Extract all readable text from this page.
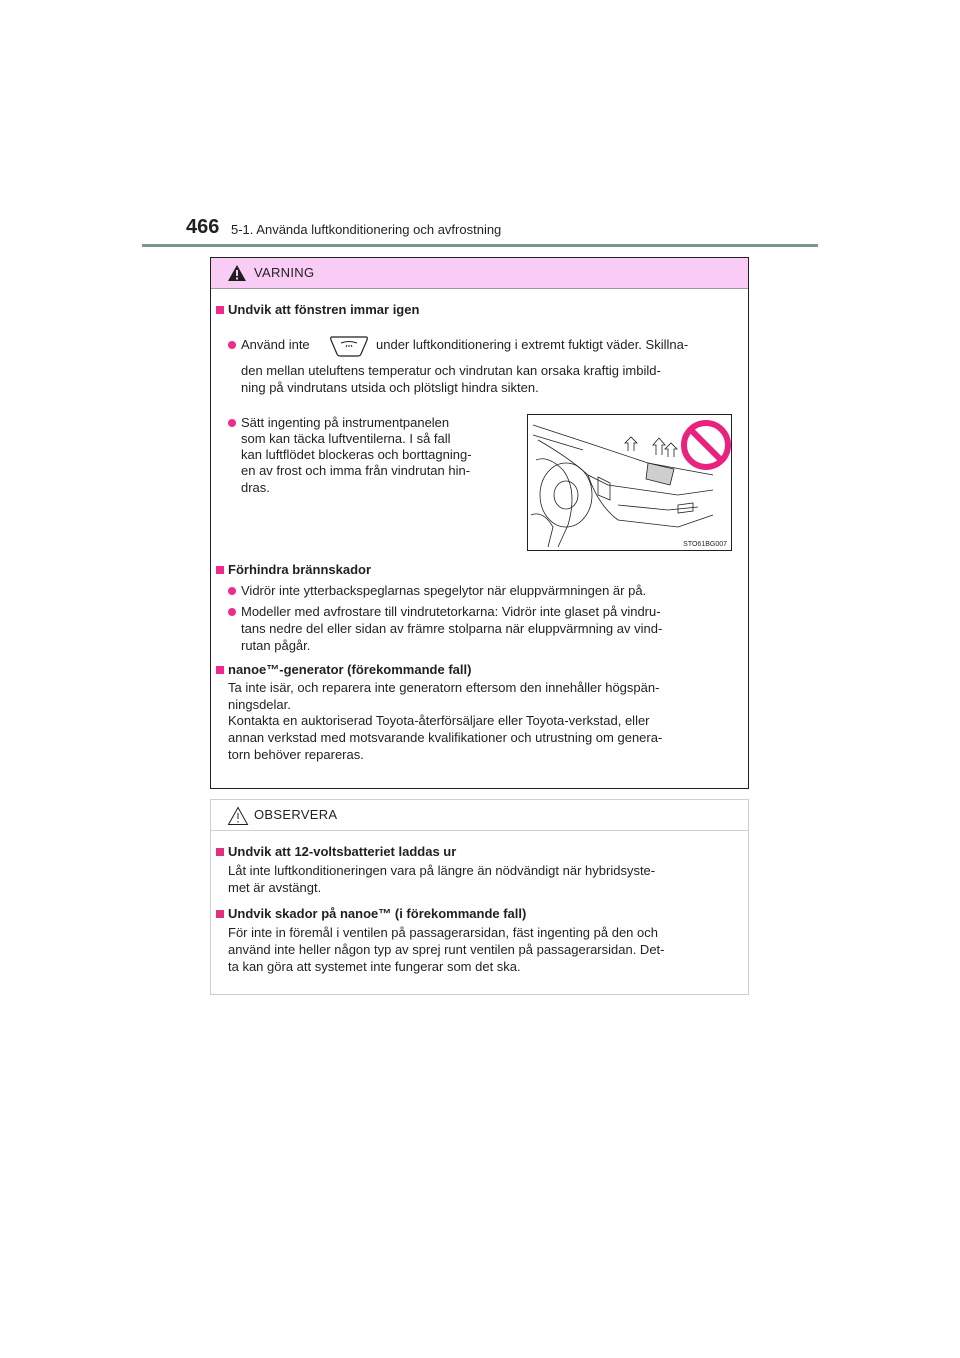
466 5-1. Använda luftkonditionering och avfrostning
VARNING

Undvik att fönstren immar igen

Använd inte	under luftkonditionering i extremt fuktigt väder. Skillna-

den mellan uteluftens temperatur och vindrutan kan orsaka kraftig imbild-

ning på vindrutans utsida och plötsligt hindra sikten.

Sätt ingenting på instrumentpanelen

som kan täcka luftventilerna. I så fall

kan luftflödet blockeras och borttagning-

en av frost och imma från vindrutan hin-

dras.

STO61BG007

Förhindra brännskador

Vidrör inte ytterbackspeglarnas spegelytor när eluppvärmningen är på.

Modeller med avfrostare till vindrutetorkarna: Vidrör inte glaset på vindru-

tans nedre del eller sidan av främre stolparna när eluppvärmning av vind-

rutan pågår.

nanoe™-generator (förekommande fall)

Ta inte isär, och reparera inte generatorn eftersom den innehåller högspän-

ningsdelar.

Kontakta en auktoriserad Toyota-återförsäljare eller Toyota-verkstad, eller

annan verkstad med motsvarande kvalifikationer och utrustning om genera-

torn behöver repareras.

OBSERVERA

Undvik att 12-voltsbatteriet laddas ur

Låt inte luftkonditioneringen vara på längre än nödvändigt när hybridsyste-

met är avstängt.

Undvik skador på nanoe™ (i förekommande fall)

För inte in föremål i ventilen på passagerarsidan, fäst ingenting på den och

använd inte heller någon typ av sprej runt ventilen på passagerarsidan. Det-

ta kan göra att systemet inte fungerar som det ska.
